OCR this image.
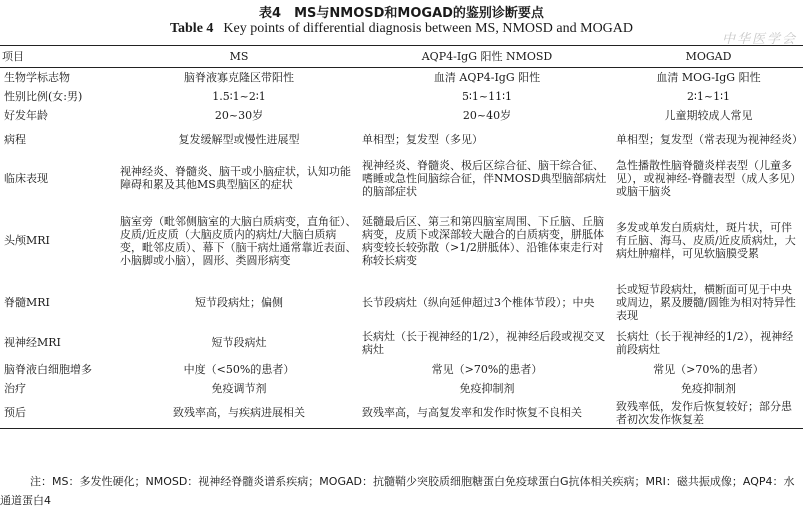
表4　MS与NMOSD和MOGAD的鉴别诊断要点
Table 4 Key points of differential diagnosis between MS, NMOSD and MOGAD
中华医学会
项目	MS	AQP4-IgG 阳性 NMOSD	MOGAD
生物学标志物	脑脊液寡克隆区带阳性	血清 AQP4-IgG 阳性	血清 MOG-IgG 阳性
性别比例(女:男)	1.5∶1~2∶1	5∶1~11∶1	2∶1~1∶1
好发年龄	20~30岁	20~40岁	儿童期较成人常见
病程	复发缓解型或慢性进展型	单相型；复发型（多见）	单相型；复发型（常表现为视神经炎）
临床表现	视神经炎、脊髓炎、脑干或小脑症状，认知功能障碍和累及其他MS典型脑区的症状	视神经炎、脊髓炎、极后区综合征、脑干综合征、嗜睡或急性间脑综合征，伴NMOSD典型脑部病灶的脑部症状	急性播散性脑脊髓炎样表型（儿童多见），或视神经-脊髓表型（成人多见）或脑干脑炎
头颅MRI	脑室旁（毗邻侧脑室的大脑白质病变，直角征）、皮质/近皮质（大脑皮质内的病灶/大脑白质病变，毗邻皮质）、幕下（脑干病灶通常靠近表面、小脑脚或小脑），圆形、类圆形病变	延髓最后区、第三和第四脑室周围、下丘脑、丘脑病变，皮质下或深部较大融合的白质病变，胼胝体病变较长较弥散（>1/2胼胝体）、沿锥体束走行对称较长病变	多发或单发白质病灶，斑片状，可伴有丘脑、海马、皮质/近皮质病灶，大病灶肿瘤样，可见软脑膜受累
脊髓MRI	短节段病灶；偏侧	长节段病灶（纵向延伸超过3个椎体节段）；中央	长或短节段病灶，横断面可见于中央或周边，累及腰髓/圆锥为相对特异性表现
视神经MRI	短节段病灶	长病灶（长于视神经的1/2），视神经后段或视交叉病灶	长病灶（长于视神经的1/2），视神经前段病灶
脑脊液白细胞增多	中度（<50%的患者）	常见（>70%的患者）	常见（>70%的患者）
治疗	免疫调节剂	免疫抑制剂	免疫抑制剂
预后	致残率高，与疾病进展相关	致残率高，与高复发率和发作时恢复不良相关	致残率低，发作后恢复较好；部分患者初次发作恢复差
注：MS：多发性硬化；NMOSD：视神经脊髓炎谱系疾病；MOGAD：抗髓鞘少突胶质细胞糖蛋白免疫球蛋白G抗体相关疾病；MRI：磁共振成像；AQP4：水通道蛋白4
